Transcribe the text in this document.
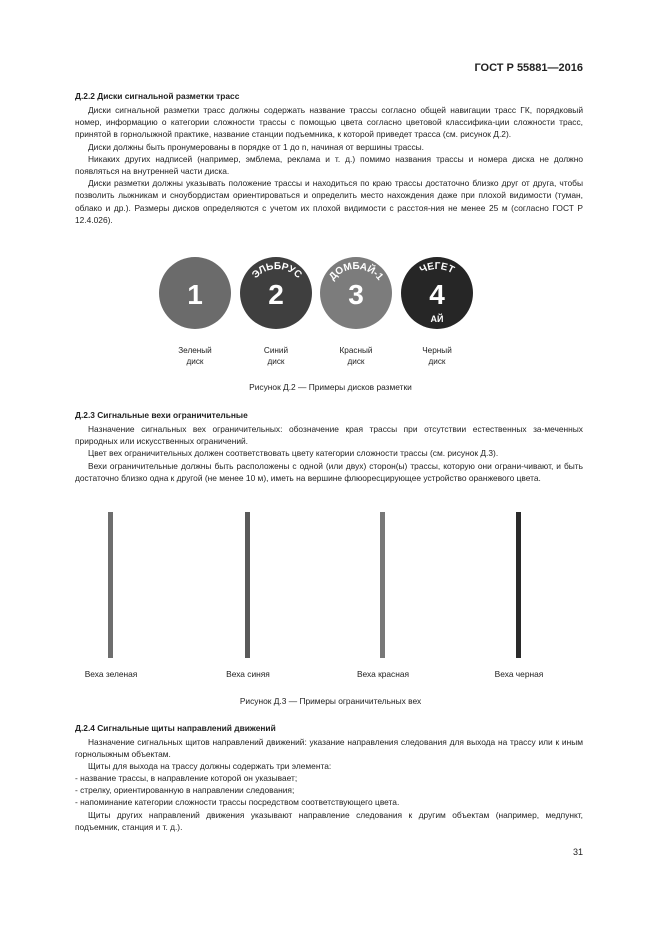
ГОСТ Р 55881—2016
Д.2.2 Диски сигнальной разметки трасс

Диски сигнальной разметки трасс должны содержать название трассы согласно общей навигации трасс ГК, порядковый номер, информацию о категории сложности трассы с помощью цвета согласно цветовой классифика-ции сложности трасс, принятой в горнолыжной практике, название станции подъемника, к которой приведет трасса (см. рисунок Д.2).

Диски должны быть пронумерованы в порядке от 1 до n, начиная от вершины трассы.

Никаких других надписей (например, эмблема, реклама и т. д.) помимо названия трассы и номера диска не должно появляться на внутренней части диска.

Диски разметки должны указывать положение трассы и находиться по краю трассы достаточно близко друг от друга, чтобы позволить лыжникам и сноубордистам ориентироваться и определить место нахождения даже при плохой видимости (туман, облако и др.). Размеры дисков определяются с учетом их плохой видимости с расстоя-ния не менее 25 м (согласно ГОСТ Р 12.4.026).

1 2 3 4
ЭЛЬБРУС ДОМБАЙ-1
ЧЕГЕТ
АЙ
Зеленый
диск
Синий
диск
Красный
диск
Черный
диск
Рисунок Д.2 — Примеры дисков разметки
Д.2.3 Сигнальные вехи ограничительные

Назначение сигнальных вех ограничительных: обозначение края трассы при отсутствии естественных за-меченных природных или искусственных ограничений.

Цвет вех ограничительных должен соответствовать цвету категории сложности трассы (см. рисунок Д.3).

Вехи ограничительные должны быть расположены с одной (или двух) сторон(ы) трассы, которую они ограни-чивают, и быть достаточно близко одна к другой (не менее 10 м), иметь на вершине флюоресцирующее устройство оранжевого цвета.

Веха зеленая	Веха синяя	Веха красная	Веха черная
Рисунок Д.3 — Примеры ограничительных вех
Д.2.4 Сигнальные щиты направлений движений

Назначение сигнальных щитов направлений движений: указание направления следования для выхода на трассу или к иным горнолыжным объектам.

Щиты для выхода на трассу должны содержать три элемента:

- название трассы, в направление которой он указывает;
- стрелку, ориентированную в направлении следования;
- напоминание категории сложности трассы посредством соответствующего цвета.

Щиты других направлений движения указывают направление следования к другим объектам (например, медпункт, подъемник, станция и т. д.).

31
